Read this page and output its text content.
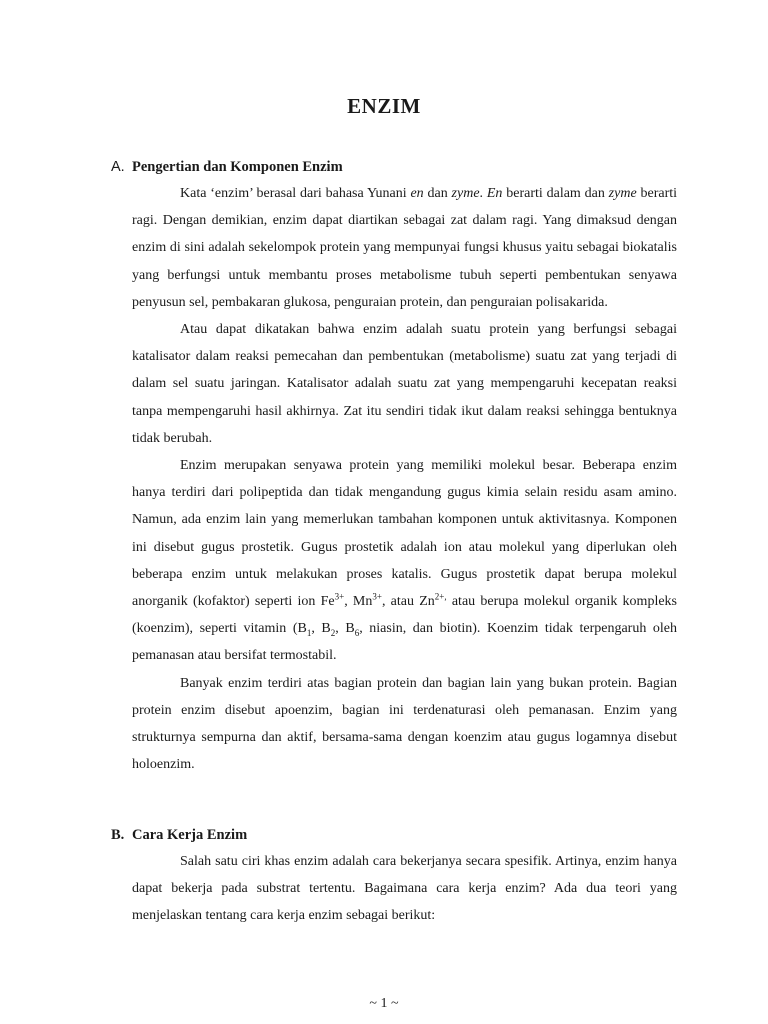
ENZIM
A. Pengertian dan Komponen Enzim

Kata ‘enzim’ berasal dari bahasa Yunani en dan zyme. En berarti dalam dan zyme berarti ragi. Dengan demikian, enzim dapat diartikan sebagai zat dalam ragi. Yang dimaksud dengan enzim di sini adalah sekelompok protein yang mempunyai fungsi khusus yaitu sebagai biokatalis yang berfungsi untuk membantu proses metabolisme tubuh seperti pembentukan senyawa penyusun sel, pembakaran glukosa, penguraian protein, dan penguraian polisakarida.

Atau dapat dikatakan bahwa enzim adalah suatu protein yang berfungsi sebagai katalisator dalam reaksi pemecahan dan pembentukan (metabolisme) suatu zat yang terjadi di dalam sel suatu jaringan. Katalisator adalah suatu zat yang mempengaruhi kecepatan reaksi tanpa mempengaruhi hasil akhirnya. Zat itu sendiri tidak ikut dalam reaksi sehingga bentuknya tidak berubah.

Enzim merupakan senyawa protein yang memiliki molekul besar. Beberapa enzim hanya terdiri dari polipeptida dan tidak mengandung gugus kimia selain residu asam amino. Namun, ada enzim lain yang memerlukan tambahan komponen untuk aktivitasnya. Komponen ini disebut gugus prostetik. Gugus prostetik adalah ion atau molekul yang diperlukan oleh beberapa enzim untuk melakukan proses katalis. Gugus prostetik dapat berupa molekul anorganik (kofaktor) seperti ion $Fe^{3+}$, $Mn^{3+}$, atau $Zn^{2+,}$ atau berupa molekul organik kompleks (koenzim), seperti vitamin ($B_1$, $B_2$, $B_6$, niasin, dan biotin). Koenzim tidak terpengaruh oleh pemanasan atau bersifat termostabil.

Banyak enzim terdiri atas bagian protein dan bagian lain yang bukan protein. Bagian protein enzim disebut apoenzim, bagian ini terdenaturasi oleh pemanasan. Enzim yang strukturnya sempurna dan aktif, bersama-sama dengan koenzim atau gugus logamnya disebut holoenzim.

B. Cara Kerja Enzim

Salah satu ciri khas enzim adalah cara bekerjanya secara spesifik. Artinya, enzim hanya dapat bekerja pada substrat tertentu. Bagaimana cara kerja enzim? Ada dua teori yang menjelaskan tentang cara kerja enzim sebagai berikut:

~ 1 ~
